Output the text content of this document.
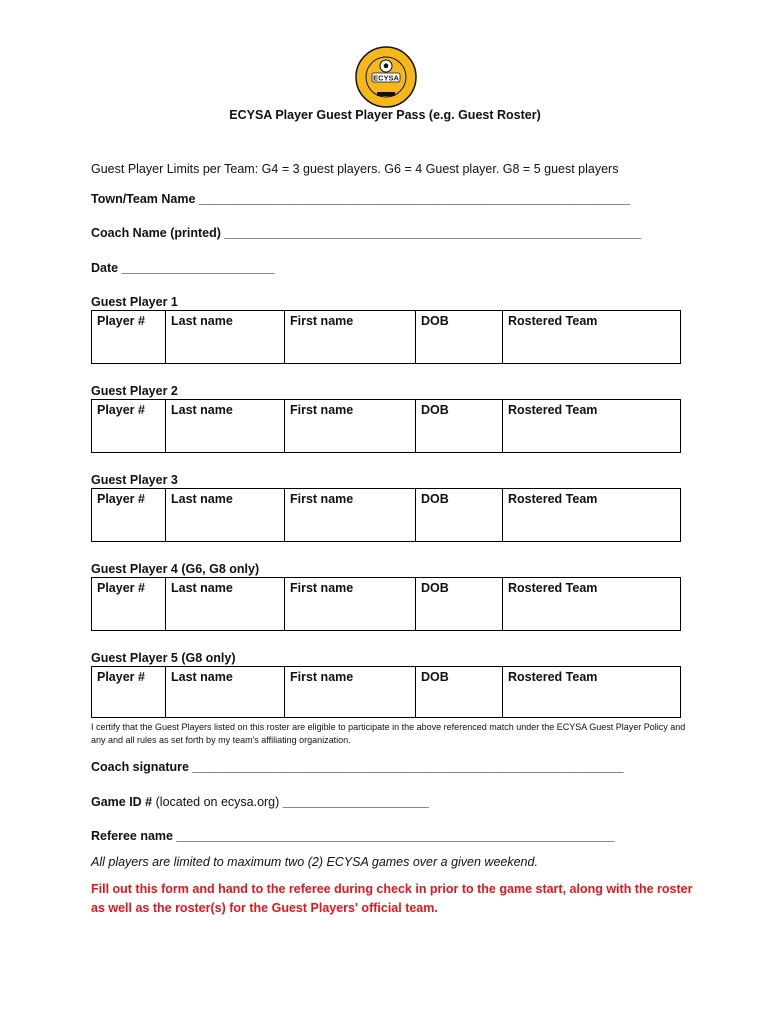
ECYSA
ECYSA Player Guest Player Pass (e.g. Guest Roster)
Guest Player Limits per Team: G4 = 3 guest players. G6 = 4 Guest player. G8 = 5 guest players
Town/Team Name ______________________________________________________________
Coach Name (printed) ____________________________________________________________
Date ______________________
Guest Player 1
Player #	Last name	First name	DOB	Rostered Team
Guest Player 2
Player #	Last name	First name	DOB	Rostered Team
Guest Player 3
Player #	Last name	First name	DOB	Rostered Team
Guest Player 4 (G6, G8 only)
Player #	Last name	First name	DOB	Rostered Team
Guest Player 5 (G8 only)
Player #	Last name	First name	DOB	Rostered Team
I certify that the Guest Players listed on this roster are eligible to participate in the above referenced match under the ECYSA Guest Player Policy and any and all rules as set forth by my team's affiliating organization.
Coach signature ______________________________________________________________
Game ID # (located on ecysa.org) _____________________
Referee name _______________________________________________________________
All players are limited to maximum two (2) ECYSA games over a given weekend.
Fill out this form and hand to the referee during check in prior to the game start, along with the roster as well as the roster(s) for the Guest Players' official team.
